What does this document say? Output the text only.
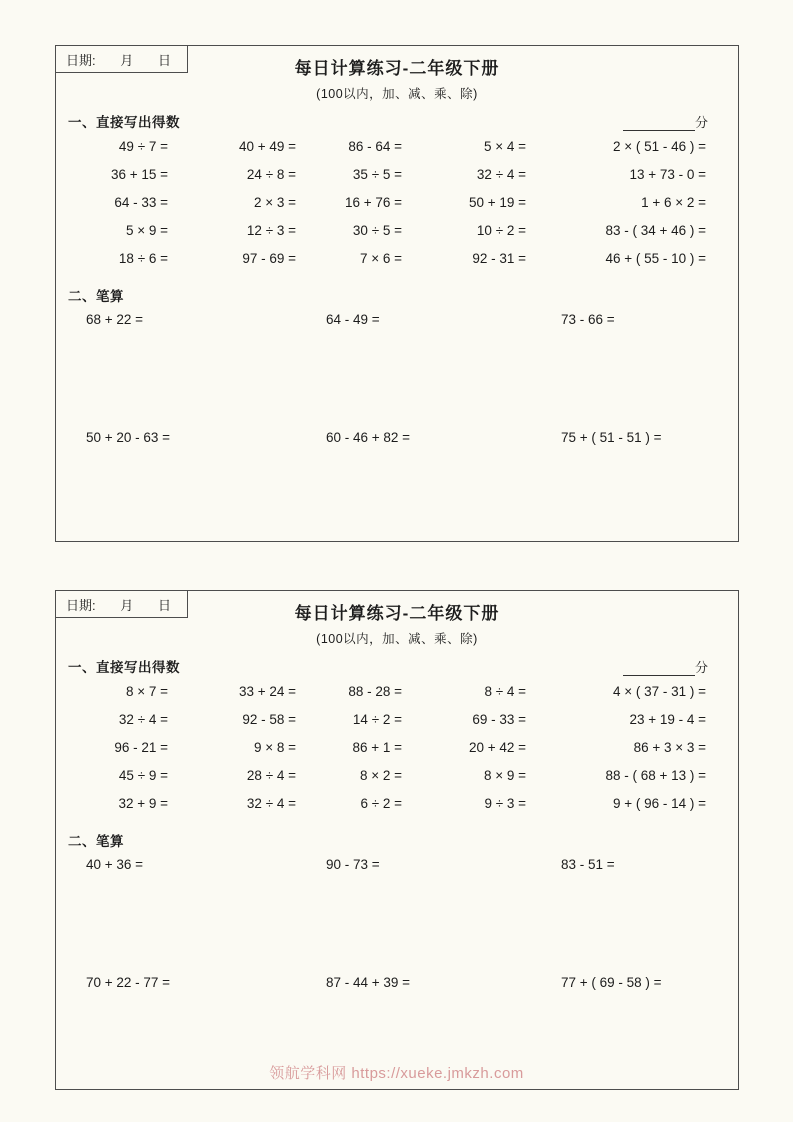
日期: 月 日	每日计算练习-二年级下册
(100以内，加、减、乘、除)
分
一、直接写出得数
49 ÷ 7 =	40 + 49 =	86 - 64 =	5 × 4 =	2 × ( 51 - 46 ) =
36 + 15 =	24 ÷ 8 =	35 ÷ 5 =	32 ÷ 4 =	13 + 73 - 0 =
64 - 33 =	2 × 3 =	16 + 76 =	50 + 19 =	1 + 6 × 2 =
5 × 9 =	12 ÷ 3 =	30 ÷ 5 =	10 ÷ 2 =	83 - ( 34 + 46 ) =
18 ÷ 6 =	97 - 69 =	7 × 6 =	92 - 31 =	46 + ( 55 - 10 ) =
二、笔算
68 + 22 =	64 - 49 =	73 - 66 =
50 + 20 - 63 =	60 - 46 + 82 =	75 + ( 51 - 51 ) =
日期: 月 日	每日计算练习-二年级下册
(100以内，加、减、乘、除)
分
一、直接写出得数
8 × 7 =	33 + 24 =	88 - 28 =	8 ÷ 4 =	4 × ( 37 - 31 ) =
32 ÷ 4 =	92 - 58 =	14 ÷ 2 =	69 - 33 =	23 + 19 - 4 =
96 - 21 =	9 × 8 =	86 + 1 =	20 + 42 =	86 + 3 × 3 =
45 ÷ 9 =	28 ÷ 4 =	8 × 2 =	8 × 9 =	88 - ( 68 + 13 ) =
32 + 9 =	32 ÷ 4 =	6 ÷ 2 =	9 ÷ 3 =	9 + ( 96 - 14 ) =
二、笔算
40 + 36 =	90 - 73 =	83 - 51 =
70 + 22 - 77 =	87 - 44 + 39 =	77 + ( 69 - 58 ) =
领航学科网 https://xueke.jmkzh.com
